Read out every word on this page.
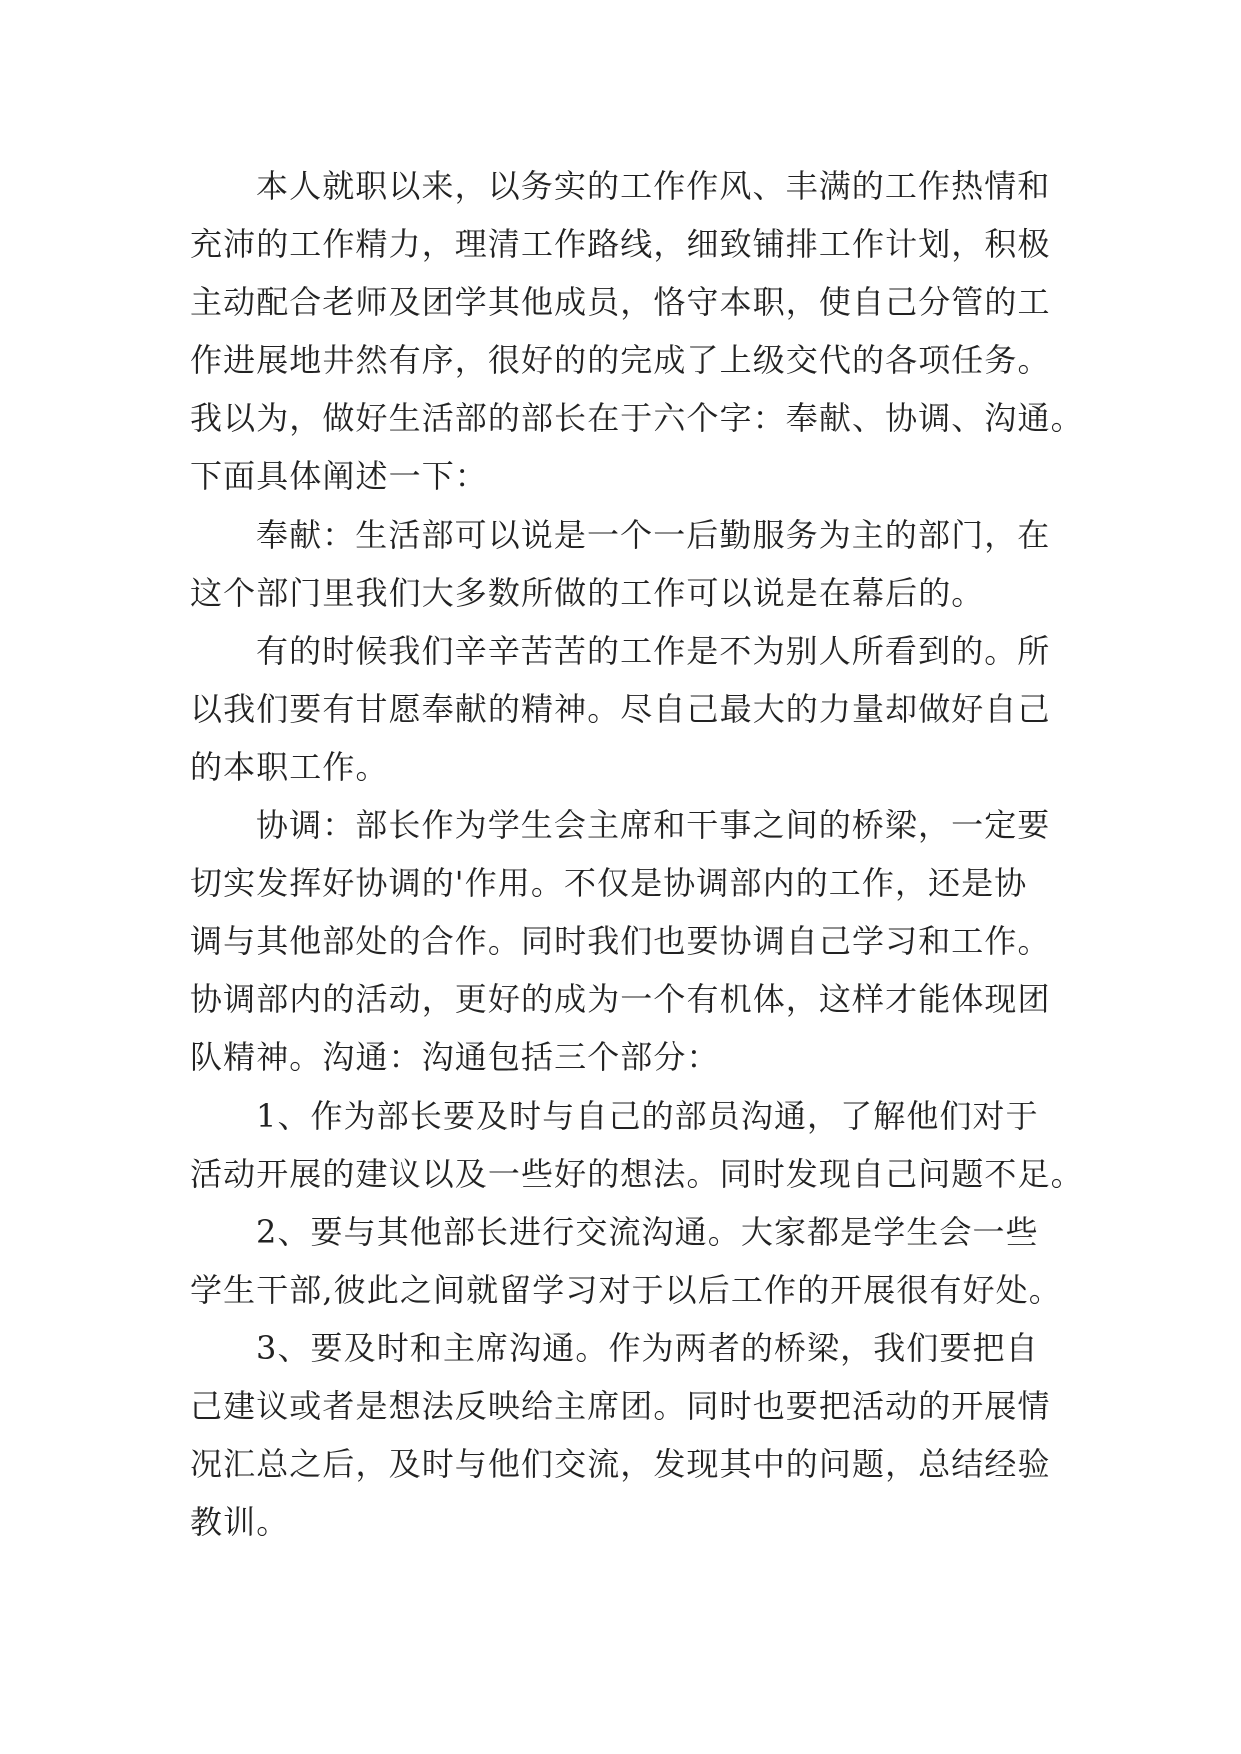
本人就职以来，以务实的工作作风、丰满的工作热情和
充沛的工作精力，理清工作路线，细致铺排工作计划，积极
主动配合老师及团学其他成员，恪守本职，使自己分管的工
作进展地井然有序，很好的的完成了上级交代的各项任务。
我以为，做好生活部的部长在于六个字：奉献、协调、沟通。
下面具体阐述一下：
奉献：生活部可以说是一个一后勤服务为主的部门，在
这个部门里我们大多数所做的工作可以说是在幕后的。
有的时候我们辛辛苦苦的工作是不为别人所看到的。所
以我们要有甘愿奉献的精神。尽自己最大的力量却做好自己
的本职工作。
协调：部长作为学生会主席和干事之间的桥梁，一定要
切实发挥好协调的'作用。不仅是协调部内的工作，还是协
调与其他部处的合作。同时我们也要协调自己学习和工作。
协调部内的活动，更好的成为一个有机体，这样才能体现团
队精神。沟通：沟通包括三个部分：
1、作为部长要及时与自己的部员沟通，了解他们对于
活动开展的建议以及一些好的想法。同时发现自己问题不足。
2、要与其他部长进行交流沟通。大家都是学生会一些
学生干部,彼此之间就留学习对于以后工作的开展很有好处。
3、要及时和主席沟通。作为两者的桥梁，我们要把自
己建议或者是想法反映给主席团。同时也要把活动的开展情
况汇总之后，及时与他们交流，发现其中的问题，总结经验
教训。
